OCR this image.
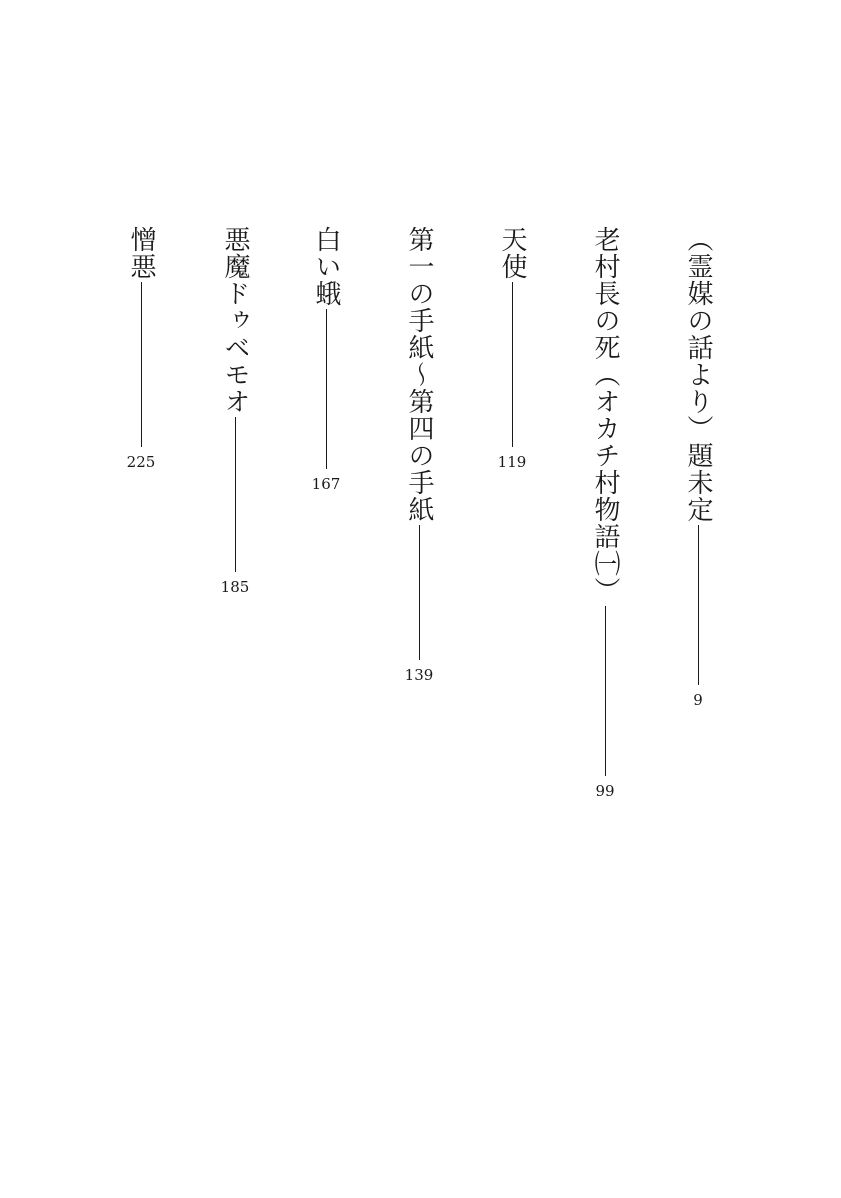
（霊媒の話より）題未定
9
老村長の死（オカチ村物語㈠）
99
天使
119
第一の手紙〜第四の手紙
139
白い蛾
167
悪魔ドゥベモオ
185
憎悪
225
